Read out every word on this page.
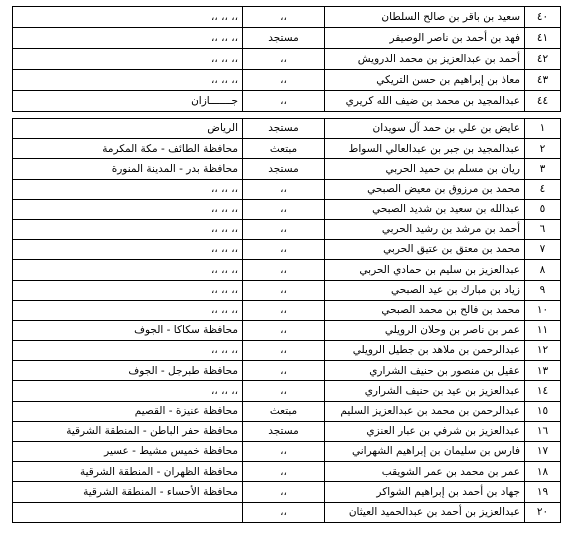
٤٠	سعيد بن باقر بن صالح السلطان	،،	،، ،، ،،
٤١	فهد بن أحمد بن ناصر الوصيفر	مستجد	،، ،، ،،
٤٢	أحمد بن عبدالعزيز بن محمد الدرويش	،،	،، ،، ،،
٤٣	معاذ بن إبراهيم بن حسن التريكي	،،	،، ،، ،،
٤٤	عبدالمجيد بن محمد بن ضيف الله كريري	،،	جـــــــازان
١	عايض بن علي بن حمد آل سويدان	مستجد	الرياض
٢	عبدالمجيد بن جبر بن عبدالعالي السواط	مبتعث	محافظة الطائف - مكة المكرمة
٣	ريان بن مسلم بن حميد الحربي	مستجد	محافظة بدر - المدينة المنورة
٤	محمد بن مرزوق بن معيض الصبحي	،،	،، ،، ،،
٥	عبدالله بن سعيد بن شديد الصبحي	،،	،، ،، ،،
٦	أحمد بن مرشد بن رشيد الحربي	،،	،، ،، ،،
٧	محمد بن معتق بن عتيق الحربي	،،	،، ،، ،،
٨	عبدالعزيز بن سليم بن حمادي الحربي	،،	،، ،، ،،
٩	زياد بن مبارك بن عيد الصبحي	،،	،، ،، ،،
١٠	محمد بن فالح بن محمد الصبحي	،،	،، ،، ،،
١١	عمر بن ناصر بن وحلان الرويلي	،،	محافظة سكاكا - الجوف
١٢	عبدالرحمن بن ملاهد بن جطيل الرويلي	،،	،، ،، ،،
١٣	عقيل بن منصور بن حنيف الشراري	،،	محافظة طبرجل - الجوف
١٤	عبدالعزيز بن عيد بن حنيف الشراري	،،	،، ،، ،،
١٥	عبدالرحمن بن محمد بن عبدالعزيز السليم	مبتعث	محافظة عنيزة - القصيم
١٦	عبدالعزيز بن شرفي بن عبار العنزي	مستجد	محافظة حفر الباطن - المنطقة الشرقية
١٧	فارس بن سليمان بن إبراهيم الشهراني	،،	محافظة خميس مشيط - عسير
١٨	عمر بن محمد بن عمر الشويقب	،،	محافظة الظهران - المنطقة الشرقية
١٩	جهاد بن أحمد بن إبراهيم الشواكر	،،	محافظة الأحساء - المنطقة الشرقية
٢٠	عبدالعزيز بن أحمد بن عبدالحميد العيثان	،،	
